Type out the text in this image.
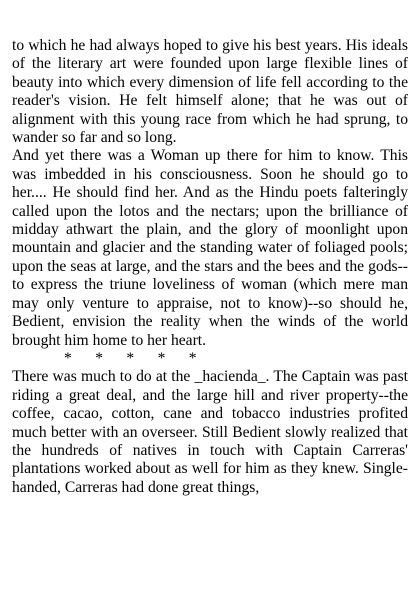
to which he had always hoped to give his best years. His ideals of the literary art were founded upon large flexible lines of beauty into which every dimension of life fell according to the reader's vision. He felt himself alone; that he was out of alignment with this young race from which he had sprung, to wander so far and so long.

And yet there was a Woman up there for him to know. This was imbedded in his consciousness. Soon he should go to her.... He should find her. And as the Hindu poets falteringly called upon the lotos and the nectars; upon the brilliance of midday athwart the plain, and the glory of moonlight upon mountain and glacier and the standing water of foliaged pools; upon the seas at large, and the stars and the bees and the gods--to express the triune loveliness of woman (which mere man may only venture to appraise, not to know)--so should he, Bedient, envision the reality when the winds of the world brought him home to her heart.

*      *      *      *      *

There was much to do at the _hacienda_. The Captain was past riding a great deal, and the large hill and river property--the coffee, cacao, cotton, cane and tobacco industries profited much better with an overseer. Still Bedient slowly realized that the hundreds of natives in touch with Captain Carreras' plantations worked about as well for him as they knew. Single-handed, Carreras had done great things,
